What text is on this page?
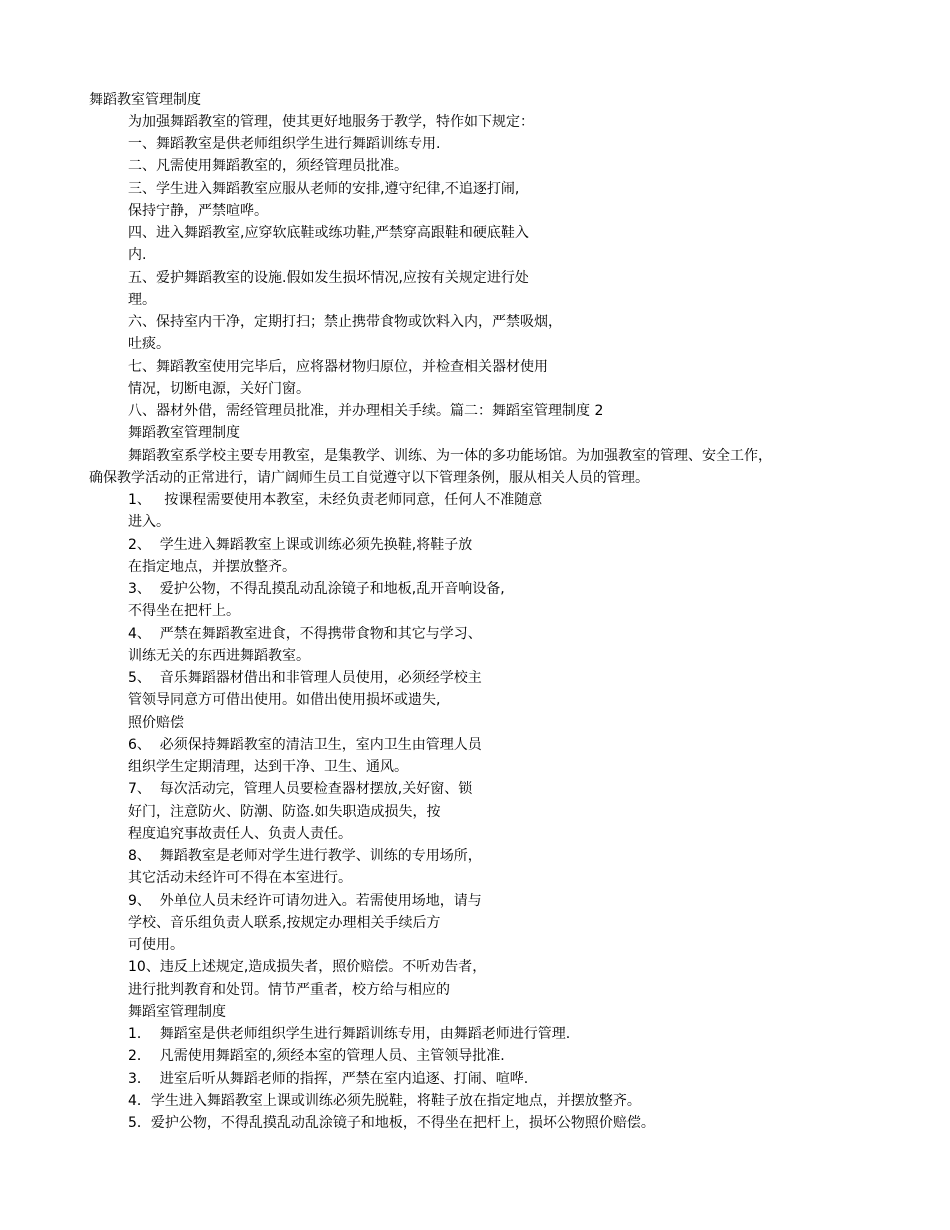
舞蹈教室管理制度
为加强舞蹈教室的管理，使其更好地服务于教学，特作如下规定：
一、舞蹈教室是供老师组织学生进行舞蹈训练专用.
二、凡需使用舞蹈教室的，须经管理员批准。
三、学生进入舞蹈教室应服从老师的安排,遵守纪律,不追逐打闹,
保持宁静，严禁喧哗。
四、进入舞蹈教室,应穿软底鞋或练功鞋,严禁穿高跟鞋和硬底鞋入
内.
五、爱护舞蹈教室的设施.假如发生损坏情况,应按有关规定进行处
理。
六、保持室内干净，定期打扫；禁止携带食物或饮料入内，严禁吸烟，
吐痰。
七、舞蹈教室使用完毕后，应将器材物归原位，并检查相关器材使用
情况，切断电源，关好门窗。
八、器材外借，需经管理员批准，并办理相关手续。篇二：舞蹈室管理制度 2
舞蹈教室管理制度
舞蹈教室系学校主要专用教室，是集教学、训练、为一体的多功能场馆。为加强教室的管理、安全工作，
确保教学活动的正常进行，请广阔师生员工自觉遵守以下管理条例，服从相关人员的管理。
1、   按课程需要使用本教室，未经负责老师同意，任何人不准随意
进入。
2、  学生进入舞蹈教室上课或训练必须先换鞋,将鞋子放
在指定地点，并摆放整齐。
3、  爱护公物，不得乱摸乱动乱涂镜子和地板,乱开音响设备,
不得坐在把杆上。
4、  严禁在舞蹈教室进食，不得携带食物和其它与学习、
训练无关的东西进舞蹈教室。
5、  音乐舞蹈器材借出和非管理人员使用，必须经学校主
管领导同意方可借出使用。如借出使用损坏或遗失,
照价赔偿
6、  必须保持舞蹈教室的清洁卫生，室内卫生由管理人员
组织学生定期清理，达到干净、卫生、通风。
7、  每次活动完，管理人员要检查器材摆放,关好窗、锁
好门，注意防火、防潮、防盗.如失职造成损失，按
程度追究事故责任人、负责人责任。
8、  舞蹈教室是老师对学生进行教学、训练的专用场所，
其它活动未经许可不得在本室进行。
9、  外单位人员未经许可请勿进入。若需使用场地，请与
学校、音乐组负责人联系,按规定办理相关手续后方
可使用。
10、违反上述规定,造成损失者，照价赔偿。不听劝告者，
进行批判教育和处罚。情节严重者，校方给与相应的
舞蹈室管理制度
1．  舞蹈室是供老师组织学生进行舞蹈训练专用，由舞蹈老师进行管理.
2．  凡需使用舞蹈室的,须经本室的管理人员、主管领导批准.
3．  进室后听从舞蹈老师的指挥，严禁在室内追逐、打闹、喧哗.
4．学生进入舞蹈教室上课或训练必须先脱鞋，将鞋子放在指定地点，并摆放整齐。
5．爱护公物，不得乱摸乱动乱涂镜子和地板，不得坐在把杆上，损坏公物照价赔偿。
